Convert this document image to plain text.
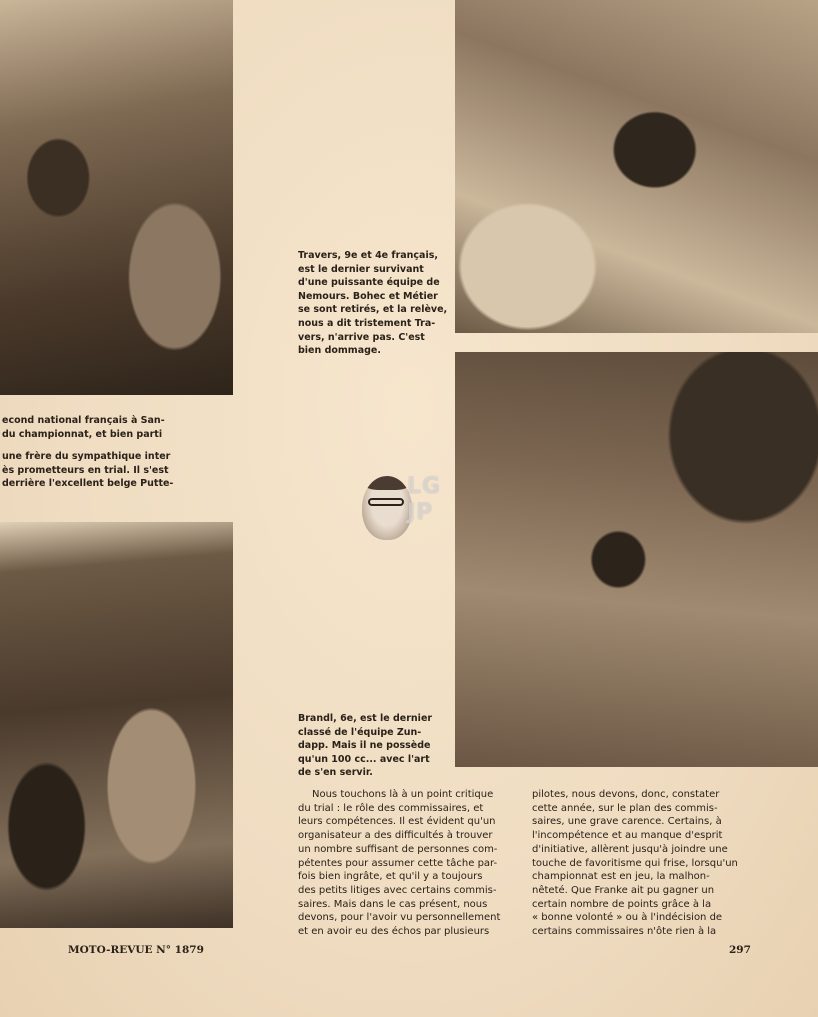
Travers, 9e et 4e français,
est le dernier survivant
d'une puissante équipe de
Nemours. Bohec et Métier
se sont retirés, et la relève,
nous a dit tristement Tra-
vers, n'arrive pas. C'est
bien dommage.

econd national français à San-
du championnat, et bien parti
une frère du sympathique inter
ès prometteurs en trial. Il s'est
derrière l'excellent belge Putte-	LG
JP

Brandl, 6e, est le dernier
classé de l'équipe Zun-
dapp. Mais il ne possède
qu'un 100 cc... avec l'art
de s'en servir.

Nous touchons là à un point critique
du trial : le rôle des commissaires, et
leurs compétences. Il est évident qu'un
organisateur a des difficultés à trouver
un nombre suffisant de personnes com-
pétentes pour assumer cette tâche par-
fois bien ingrâte, et qu'il y a toujours
des petits litiges avec certains commis-
saires. Mais dans le cas présent, nous
devons, pour l'avoir vu personnellement
et en avoir eu des échos par plusieurs
pilotes, nous devons, donc, constater
cette année, sur le plan des commis-
saires, une grave carence. Certains, à
l'incompétence et au manque d'esprit
d'initiative, allèrent jusqu'à joindre une
touche de favoritisme qui frise, lorsqu'un
championnat est en jeu, la malhon-
nêteté. Que Franke ait pu gagner un
certain nombre de points grâce à la
« bonne volonté » ou à l'indécision de
certains commissaires n'ôte rien à la
MOTO-REVUE N° 1879	297
